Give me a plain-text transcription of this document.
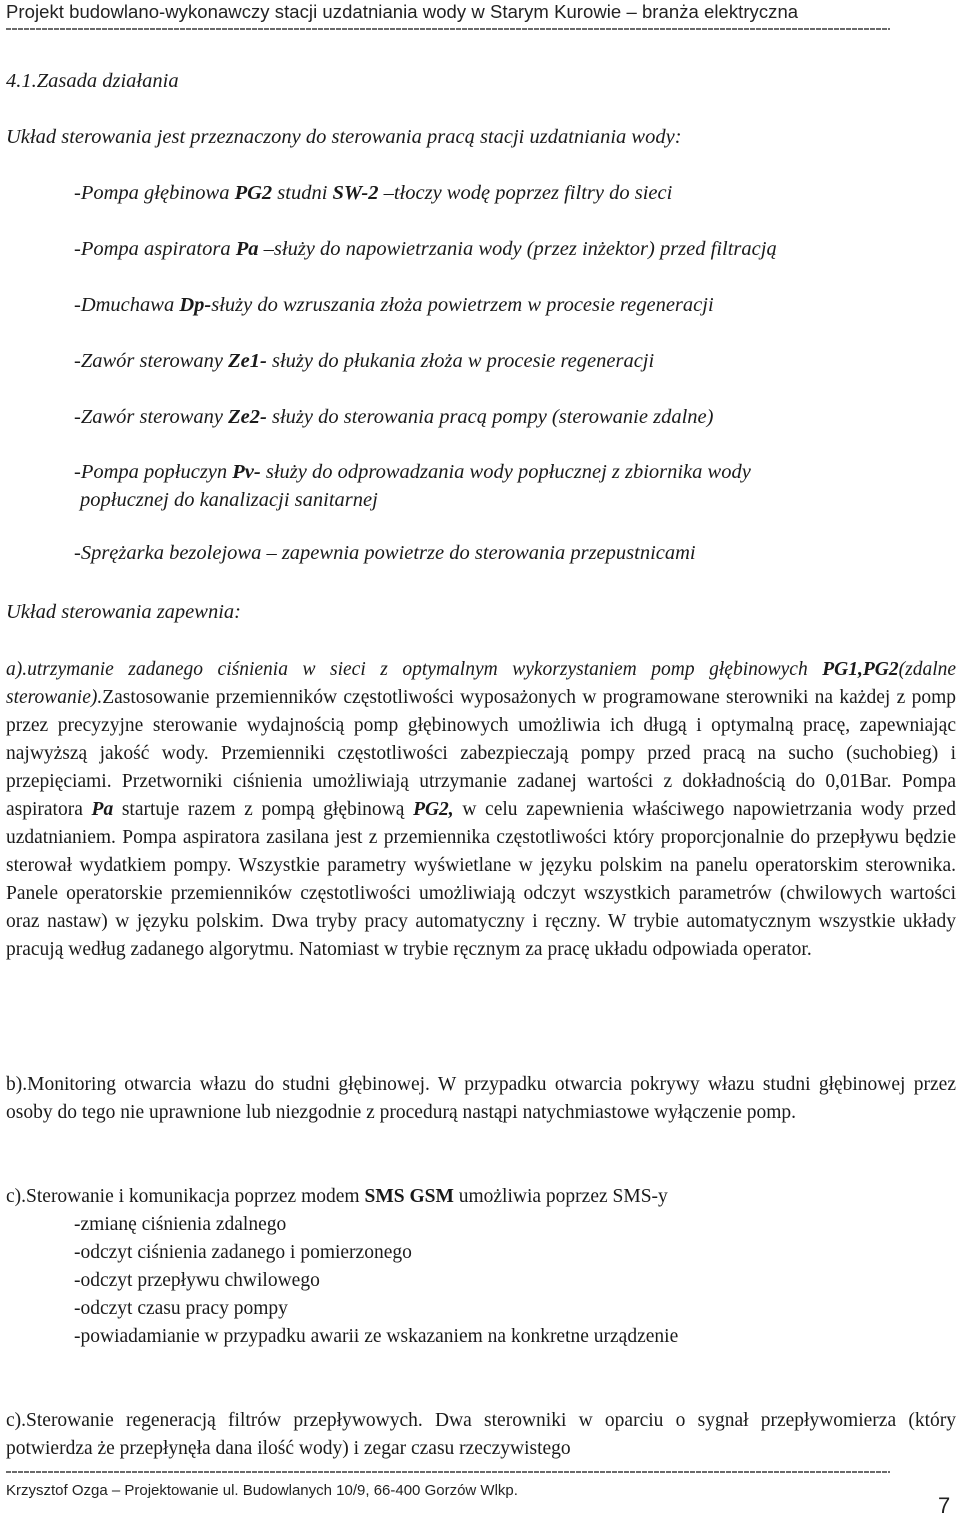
Projekt budowlano-wykonawczy stacji uzdatniania wody w Starym Kurowie – branża elektryczna
4.1.Zasada działania
Układ sterowania jest przeznaczony do sterowania pracą stacji uzdatniania wody:
-Pompa głębinowa PG2 studni SW-2 –tłoczy wodę poprzez filtry do sieci
-Pompa aspiratora Pa –służy do napowietrzania wody (przez inżektor) przed filtracją
-Dmuchawa Dp-służy do wzruszania złoża powietrzem w procesie regeneracji
-Zawór sterowany Ze1- służy do płukania złoża w procesie regeneracji
-Zawór sterowany Ze2- służy do sterowania pracą pompy (sterowanie zdalne)
-Pompa popłuczyn Pv- służy do odprowadzania wody popłucznej z zbiornika wody
popłucznej do kanalizacji sanitarnej
-Sprężarka bezolejowa – zapewnia powietrze do sterowania przepustnicami
Układ sterowania zapewnia:
a).utrzymanie zadanego ciśnienia w sieci z optymalnym wykorzystaniem pomp głębinowych PG1,PG2(zdalne sterowanie).Zastosowanie przemienników częstotliwości wyposażonych w programowane sterowniki na każdej z pomp przez precyzyjne sterowanie wydajnością pomp głębinowych umożliwia ich długą i optymalną pracę, zapewniając najwyższą jakość wody. Przemienniki częstotliwości zabezpieczają pompy przed pracą na sucho (suchobieg) i przepięciami. Przetworniki ciśnienia umożliwiają utrzymanie zadanej wartości z dokładnością do 0,01Bar. Pompa aspiratora Pa startuje razem z pompą głębinową PG2, w celu zapewnienia właściwego napowietrzania wody przed uzdatnianiem. Pompa aspiratora zasilana jest z przemiennika częstotliwości który proporcjonalnie do przepływu będzie sterował wydatkiem pompy. Wszystkie parametry wyświetlane w języku polskim na panelu operatorskim sterownika. Panele operatorskie przemienników częstotliwości umożliwiają odczyt wszystkich parametrów (chwilowych wartości oraz nastaw) w języku polskim. Dwa tryby pracy automatyczny i ręczny. W trybie automatycznym wszystkie układy pracują według zadanego algorytmu. Natomiast w trybie ręcznym za pracę układu odpowiada operator.
b).Monitoring otwarcia włazu do studni głębinowej. W przypadku otwarcia pokrywy włazu studni głębinowej przez osoby do tego nie uprawnione lub niezgodnie z procedurą nastąpi natychmiastowe wyłączenie pomp.
c).Sterowanie i komunikacja poprzez modem SMS GSM umożliwia poprzez SMS-y
-zmianę ciśnienia zdalnego
-odczyt ciśnienia zadanego i pomierzonego
-odczyt przepływu chwilowego
-odczyt czasu pracy pompy
-powiadamianie w przypadku awarii ze wskazaniem na konkretne urządzenie
c).Sterowanie regeneracją filtrów przepływowych. Dwa sterowniki w oparciu o sygnał przepływomierza (który potwierdza że przepłynęła dana ilość wody) i zegar czasu rzeczywistego
Krzysztof Ozga – Projektowanie ul. Budowlanych 10/9, 66-400 Gorzów Wlkp.
7
